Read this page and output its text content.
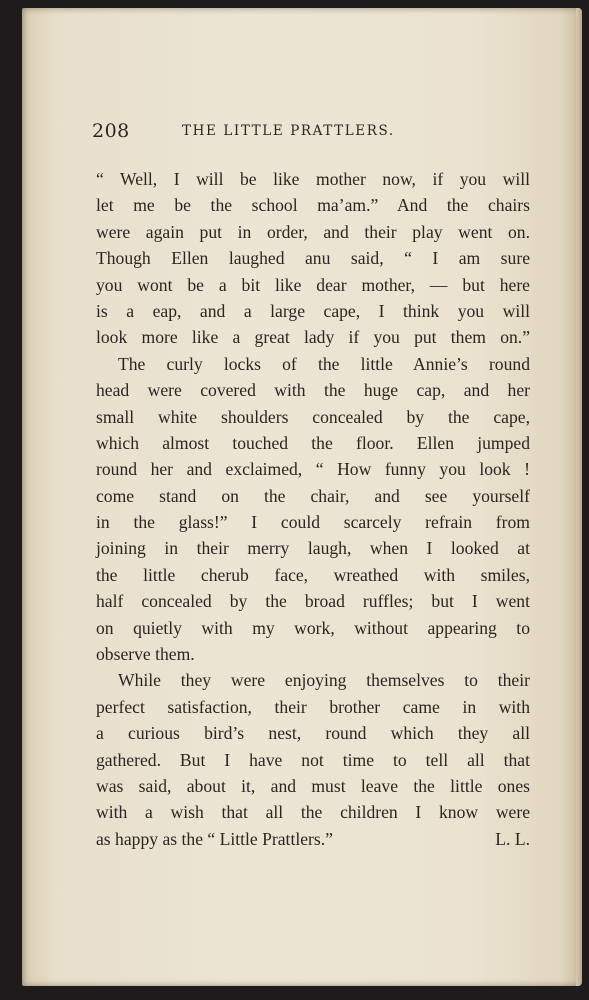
208	THE LITTLE PRATTLERS.
“ Well, I will be like mother now, if you will
let me be the school ma’am.” And the chairs
were again put in order, and their play went on.
Though Ellen laughed anu said, “ I am sure
you wont be a bit like dear mother, — but here
is a eap, and a large cape, I think you will
look more like a great lady if you put them on.”
The curly locks of the little Annie’s round
head were covered with the huge cap, and her
small white shoulders concealed by the cape,
which almost touched the floor. Ellen jumped
round her and exclaimed, “ How funny you look !
come stand on the chair, and see yourself
in the glass!” I could scarcely refrain from
joining in their merry laugh, when I looked at
the little cherub face, wreathed with smiles,
half concealed by the broad ruffles; but I went
on quietly with my work, without appearing to
observe them.
While they were enjoying themselves to their
perfect satisfaction, their brother came in with
a curious bird’s nest, round which they all
gathered. But I have not time to tell all that
was said, about it, and must leave the little ones
with a wish that all the children I know were
as happy as the “ Little Prattlers.”	L. L.
